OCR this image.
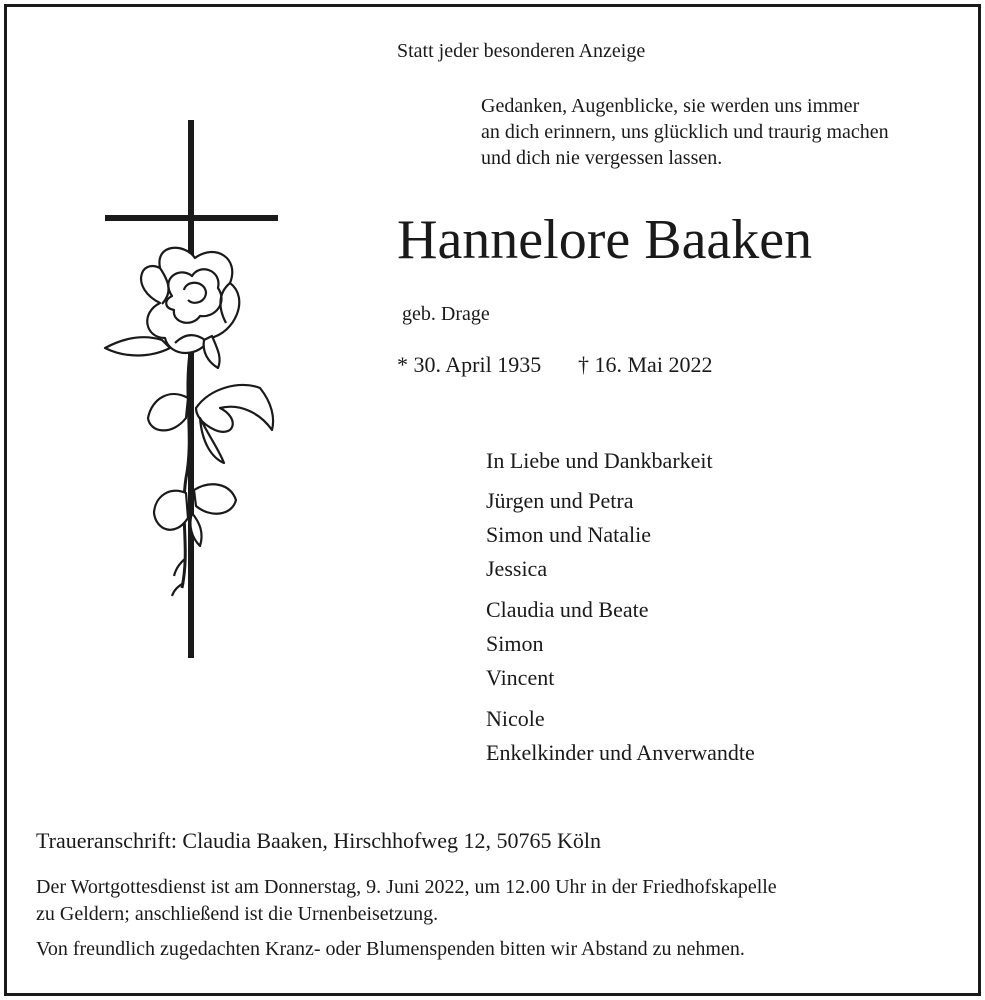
Statt jeder besonderen Anzeige
Gedanken, Augenblicke, sie werden uns immer
an dich erinnern, uns glücklich und traurig machen
und dich nie vergessen lassen.
Hannelore Baaken
geb. Drage
* 30. April 1935 † 16. Mai 2022
In Liebe und Dankbarkeit
Jürgen und Petra
Simon und Natalie
Jessica
Claudia und Beate
Simon
Vincent
Nicole
Enkelkinder und Anverwandte
Traueranschrift: Claudia Baaken, Hirschhofweg 12, 50765 Köln
Der Wortgottesdienst ist am Donnerstag, 9. Juni 2022, um 12.00 Uhr in der Friedhofskapelle
zu Geldern; anschließend ist die Urnenbeisetzung.
Von freundlich zugedachten Kranz- oder Blumenspenden bitten wir Abstand zu nehmen.
